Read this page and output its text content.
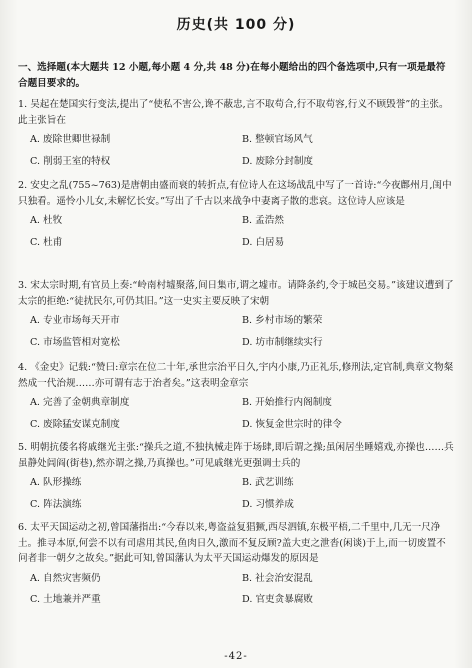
历史(共 100 分)
一、选择题(本大题共 12 小题,每小题 4 分,共 48 分)在每小题给出的四个备选项中,只有一项是最符合题目要求的。
1. 吴起在楚国实行变法,提出了“使私不害公,谗不蔽忠,言不取苟合,行不取苟容,行义不顾毁誉”的主张。此主张旨在
A. 废除世卿世禄制	B. 整顿官场风气
C. 削弱王室的特权	D. 废除分封制度
2. 安史之乱(755~763)是唐朝由盛而衰的转折点,有位诗人在这场战乱中写了一首诗:“今夜鄜州月,闺中只独看。遥怜小儿女,未解忆长安。”写出了千古以来战争中妻离子散的悲哀。这位诗人应该是
A. 杜牧	B. 孟浩然
C. 杜甫	D. 白居易
3. 宋太宗时期,有官员上奏:“岭南村墟聚落,间日集市,谓之墟市。请降条约,令于城邑交易。”该建议遭到了太宗的拒绝:“徒扰民尔,可仍其旧。”这一史实主要反映了宋朝
A. 专业市场每天开市	B. 乡村市场的繁荣
C. 市场监管相对宽松	D. 坊市制继续实行
4. 《金史》记载:“赞曰:章宗在位二十年,承世宗治平日久,宇内小康,乃正礼乐,修刑法,定官制,典章文物粲然成一代治规……亦可谓有志于治者矣。”这表明金章宗
A. 完善了金朝典章制度	B. 开始推行内阁制度
C. 废除猛安谋克制度	D. 恢复金世宗时的律令
5. 明朝抗倭名将戚继光主张:“操兵之道,不独执械走阵于场肆,即后谓之操;虽闲居坐睡嬉戏,亦操也……兵虽静处闾阎(街巷),然亦谓之操,乃真操也。”可见戚继光更强调士兵的
A. 队形操练	B. 武艺训练
C. 阵法演练	D. 习惯养成
6. 太平天国运动之初,曾国藩指出:“今春以来,粤盗益复猖獗,西尽泗镇,东极平梧,二千里中,几无一尺净土。推寻本原,何尝不以有司虐用其民,鱼肉日久,激而不复反顾?盖大吏之泄沓(闲谈)于上,而一切废置不问者非一朝夕之故矣。”据此可知,曾国藩认为太平天国运动爆发的原因是
A. 自然灾害频仍	B. 社会治安混乱
C. 土地兼并严重	D. 官吏贪暴腐败
-42-
